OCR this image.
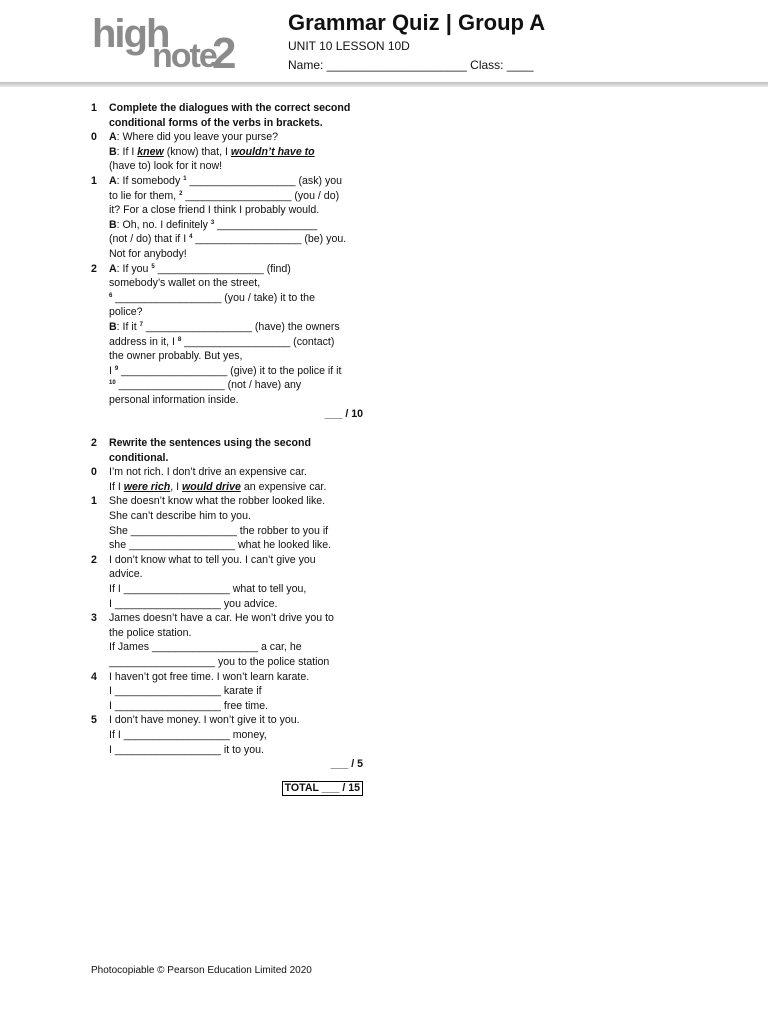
high
note
2
Grammar Quiz | Group A
UNIT 10 LESSON 10D
Name: _____________________ Class: ____
1 Complete the dialogues with the correct second conditional forms of the verbs in brackets.
0 A: Where did you leave your purse?
B: If I knew (know) that, I wouldn’t have to
(have to) look for it now!
1 A: If somebody $^1$ __________________ (ask) you
to lie for them, $^2$ __________________ (you / do)
it? For a close friend I think I probably would.
B: Oh, no. I definitely $^3$ _________________
(not / do) that if I $^4$ __________________ (be) you.
Not for anybody!
2 A: If you $^5$ __________________ (find)
somebody’s wallet on the street,
$^6$ __________________ (you / take) it to the
police?
B: If it $^7$ __________________ (have) the owners
address in it, I $^8$ __________________ (contact)
the owner probably. But yes,
I $^9$ __________________ (give) it to the police if it
$^{10}$ __________________ (not / have) any
personal information inside.
___ / 10
2 Rewrite the sentences using the second conditional.
0 I’m not rich. I don’t drive an expensive car.
If I were rich, I would drive an expensive car.
1 She doesn’t know what the robber looked like.
She can’t describe him to you.
She __________________ the robber to you if
she __________________ what he looked like.
2 I don’t know what to tell you. I can’t give you
advice.
If I __________________ what to tell you,
I __________________ you advice.
3 James doesn’t have a car. He won’t drive you to
the police station.
If James __________________ a car, he
__________________ you to the police station
4 I haven’t got free time. I won’t learn karate.
I __________________ karate if
I __________________ free time.
5 I don’t have money. I won’t give it to you.
If I __________________ money,
I __________________ it to you.
___ / 5
TOTAL ___ / 15
Photocopiable © Pearson Education Limited 2020
